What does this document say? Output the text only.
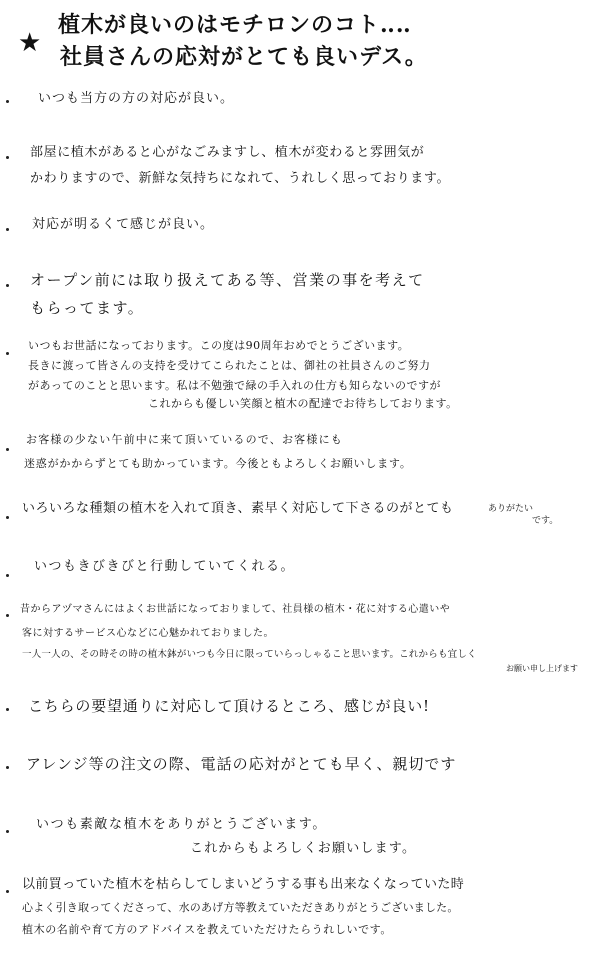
★
植木が良いのはモチロンのコト‥‥
社員さんの応対がとても良いデス。
いつも当方の方の対応が良い。
部屋に植木があると心がなごみますし、植木が変わると雰囲気が
かわりますので、新鮮な気持ちになれて、うれしく思っております。
対応が明るくて感じが良い。
オープン前には取り扱えてある等、営業の事を考えて
もらってます。
いつもお世話になっております。この度は90周年おめでとうございます。
長きに渡って皆さんの支持を受けてこられたことは、御社の社員さんのご努力
があってのことと思います。私は不勉強で緑の手入れの仕方も知らないのですが
これからも優しい笑顔と植木の配達でお待ちしております。
お客様の少ない午前中に来て頂いているので、お客様にも
迷惑がかからずとても助かっています。今後ともよろしくお願いします。
いろいろな種類の植木を入れて頂き、素早く対応して下さるのがとても	ありがたい
です。
いつもきびきびと行動していてくれる。
昔からアヅマさんにはよくお世話になっておりまして、社員様の植木・花に対する心遣いや
客に対するサービス心などに心魅かれておりました。
一人一人の、その時その時の植木鉢がいつも今日に限っていらっしゃること思います。これからも宜しく
お願い申し上げます
こちらの要望通りに対応して頂けるところ、感じが良い!
アレンジ等の注文の際、電話の応対がとても早く、親切です
いつも素敵な植木をありがとうございます。
これからもよろしくお願いします。
以前買っていた植木を枯らしてしまいどうする事も出来なくなっていた時
心よく引き取ってくださって、水のあげ方等教えていただきありがとうございました。
植木の名前や育て方のアドバイスを教えていただけたらうれしいです。
